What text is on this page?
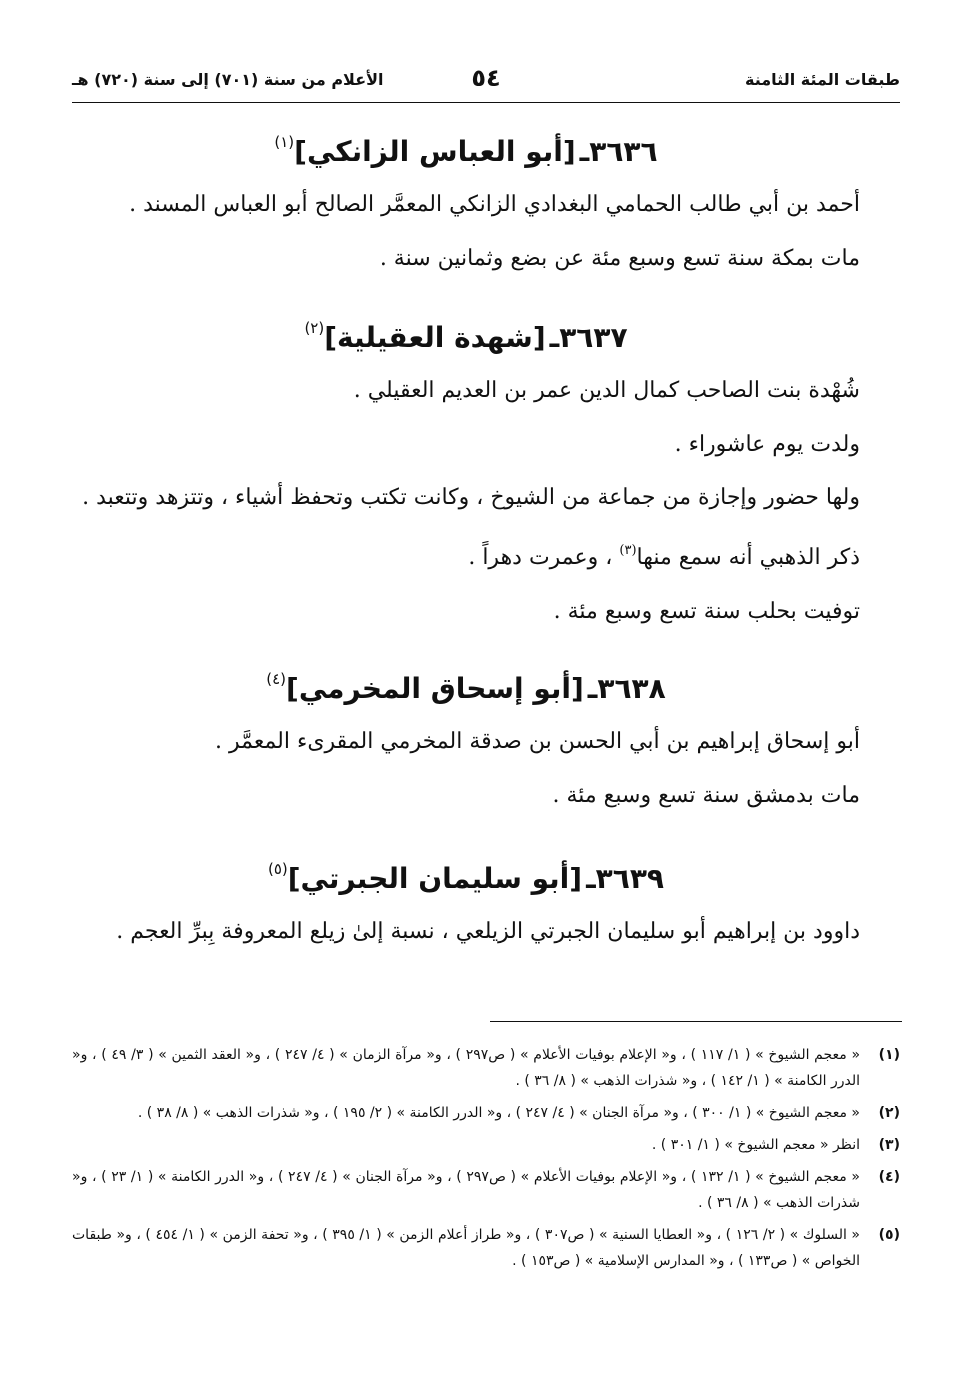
طبقات المئة الثامنة
٥٤
الأعلام من سنة (٧٠١) إلى سنة (٧٢٠) هـ
٣٦٣٦ـ[أبو العباس الزانكي]$^{(١)}$

أحمد بن أبي طالب الحمامي البغدادي الزانكي المعمَّر الصالح أبو العباس المسند .

مات بمكة سنة تسع وسبع مئة عن بضع وثمانين سنة .

٣٦٣٧ـ[شهدة العقيلية]$^{(٢)}$

شُهْدة بنت الصاحب كمال الدين عمر بن العديم العقيلي .

ولدت يوم عاشوراء .

ولها حضور وإجازة من جماعة من الشيوخ ، وكانت تكتب وتحفظ أشياء ، وتتزهد وتتعبد .

ذكر الذهبي أنه سمع منها$^{(٣)}$ ، وعمرت دهراً .

توفيت بحلب سنة تسع وسبع مئة .

٣٦٣٨ـ[أبو إسحاق المخرمي]$^{(٤)}$

أبو إسحاق إبراهيم بن أبي الحسن بن صدقة المخرمي المقرىء المعمَّر .

مات بدمشق سنة تسع وسبع مئة .

٣٦٣٩ـ[أبو سليمان الجبرتي]$^{(٥)}$

داوود بن إبراهيم أبو سليمان الجبرتي الزيلعي ، نسبة إلىٰ زيلع المعروفة بِبرِّ العجم .

(١)
« معجم الشيوخ » ( ١/ ١١٧ ) ، و« الإعلام بوفيات الأعلام » ( ص٢٩٧ ) ، و« مرآة الزمان » ( ٤/ ٢٤٧ ) ، و« العقد الثمين » ( ٣/ ٤٩ ) ، و« الدرر الكامنة » ( ١/ ١٤٢ ) ، و« شذرات الذهب » ( ٨/ ٣٦ ) .
(٢)
« معجم الشيوخ » ( ١/ ٣٠٠ ) ، و« مرآة الجنان » ( ٤/ ٢٤٧ ) ، و« الدرر الكامنة » ( ٢/ ١٩٥ ) ، و« شذرات الذهب » ( ٨/ ٣٨ ) .
(٣)
انظر « معجم الشيوخ » ( ١/ ٣٠١ ) .
(٤)
« معجم الشيوخ » ( ١/ ١٣٢ ) ، و« الإعلام بوفيات الأعلام » ( ص٢٩٧ ) ، و« مرآة الجنان » ( ٤/ ٢٤٧ ) ، و« الدرر الكامنة » ( ١/ ٢٣ ) ، و« شذرات الذهب » ( ٨/ ٣٦ ) .
(٥)
« السلوك » ( ٢/ ١٢٦ ) ، و« العطايا السنية » ( ص٣٠٧ ) ، و« طراز أعلام الزمن » ( ١/ ٣٩٥ ) ، و« تحفة الزمن » ( ١/ ٤٥٤ ) ، و« طبقات الخواص » ( ص١٣٣ ) ، و« المدارس الإسلامية » ( ص١٥٣ ) .
